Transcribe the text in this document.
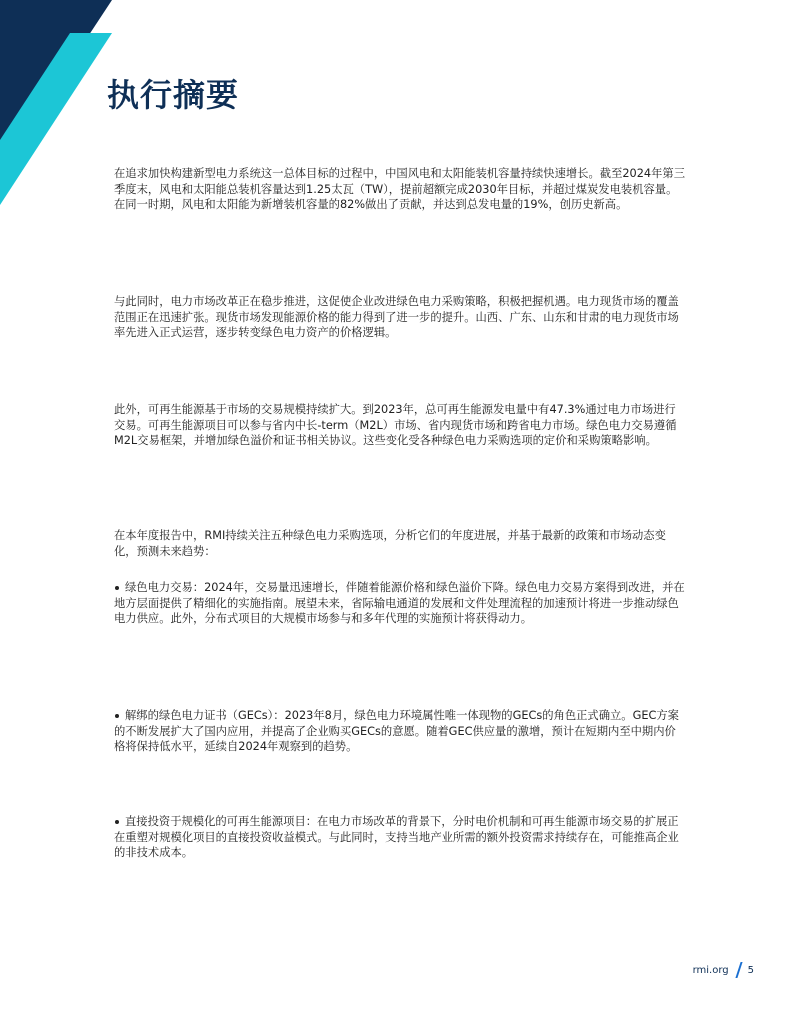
执行摘要

在追求加快构建新型电力系统这一总体目标的过程中，中国风电和太阳能装机容量持续快速增长。截至2024年第三季度末，风电和太阳能总装机容量达到1.25太瓦（TW），提前超额完成2030年目标，并超过煤炭发电装机容量。在同一时期，风电和太阳能为新增装机容量的82%做出了贡献，并达到总发电量的19%，创历史新高。

与此同时，电力市场改革正在稳步推进，这促使企业改进绿色电力采购策略，积极把握机遇。电力现货市场的覆盖范围正在迅速扩张。现货市场发现能源价格的能力得到了进一步的提升。山西、广东、山东和甘肃的电力现货市场率先进入正式运营，逐步转变绿色电力资产的价格逻辑。

此外，可再生能源基于市场的交易规模持续扩大。到2023年，总可再生能源发电量中有47.3%通过电力市场进行交易。可再生能源项目可以参与省内中长-term（M2L）市场、省内现货市场和跨省电力市场。绿色电力交易遵循M2L交易框架，并增加绿色溢价和证书相关协议。这些变化受各种绿色电力采购选项的定价和采购策略影响。

在本年度报告中，RMI持续关注五种绿色电力采购选项，分析它们的年度进展，并基于最新的政策和市场动态变化，预测未来趋势：

绿色电力交易：2024年，交易量迅速增长，伴随着能源价格和绿色溢价下降。绿色电力交易方案得到改进，并在地方层面提供了精细化的实施指南。展望未来，省际输电通道的发展和文件处理流程的加速预计将进一步推动绿色电力供应。此外，分布式项目的大规模市场参与和多年代理的实施预计将获得动力。

解绑的绿色电力证书（GECs）：2023年8月，绿色电力环境属性唯一体现物的GECs的角色正式确立。GEC方案的不断发展扩大了国内应用，并提高了企业购买GECs的意愿。随着GEC供应量的激增，预计在短期内至中期内价格将保持低水平，延续自2024年观察到的趋势。

直接投资于规模化的可再生能源项目：在电力市场改革的背景下，分时电价机制和可再生能源市场交易的扩展正在重塑对规模化项目的直接投资收益模式。与此同时，支持当地产业所需的额外投资需求持续存在，可能推高企业的非技术成本。

rmi.org 5
